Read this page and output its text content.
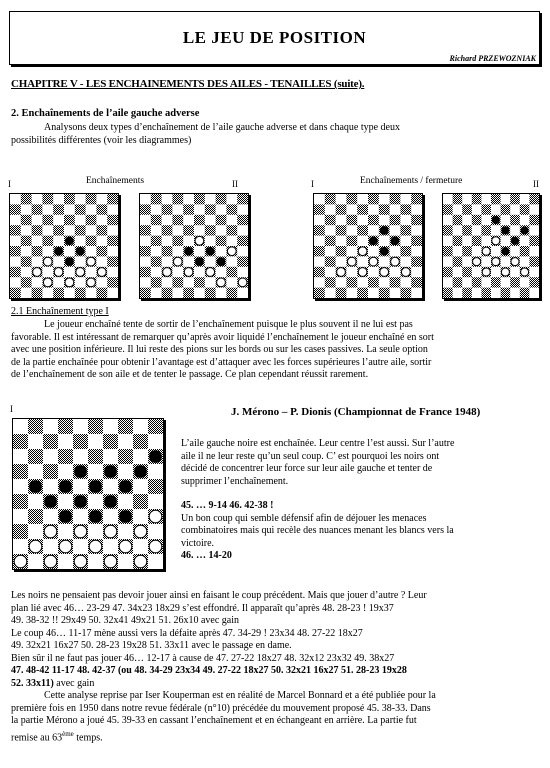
LE JEU DE POSITION
Richard PRZEWOZNIAK
CHAPITRE V - LES ENCHAINEMENTS DES AILES - TENAILLES (suite).
2. Enchaînements de l’aile gauche adverse

Analysons deux types d’enchaînement de l’aile gauche adverse et dans chaque type deux

possibilités différentes (voir les diagrammes)

I	Enchaînements	II	I	Enchaînements / fermeture	II
2.1 Enchaînement type I

Le joueur enchaîné tente de sortir de l’enchaînement puisque le plus souvent il ne lui est pas

favorable. Il est intéressant de remarquer qu’après avoir liquidé l’enchaînement le joueur enchaîné en sort

avec une position inférieure. Il lui reste des pions sur les bords ou sur les cases passives. La seule option

de la partie enchaînée pour obtenir l’avantage est d’attaquer avec les forces supérieures l’autre aile, sortir

de l’enchaînement de son aile et de tenter le passage. Ce plan cependant réussit rarement.

I	J. Mérono – P. Dionis (Championnat de France 1948)

L’aile gauche noire est enchaînée. Leur centre l’est aussi. Sur l’autre

aile il ne leur reste qu’un seul coup. C’ est pourquoi les noirs ont

décidé de concentrer leur force sur leur aile gauche et tenter de

supprimer l’enchaînement.

45. … 9-14 46. 42-38 !

Un bon coup qui semble défensif afin de déjouer les menaces

combinatoires mais qui recèle des nuances menant les blancs vers la

victoire.

46. … 14-20

Les noirs ne pensaient pas devoir jouer ainsi en faisant le coup précédent. Mais que jouer d’autre ? Leur

plan lié avec 46… 23-29 47. 34x23 18x29 s’est effondré. Il apparaît qu’après 48. 28-23 ! 19x37

49. 38-32 !! 29x49 50. 32x41 49x21 51. 26x10 avec gain

Le coup 46… 11-17 mène aussi vers la défaite après 47. 34-29 ! 23x34 48. 27-22 18x27

49. 32x21 16x27 50. 28-23 19x28 51. 33x11 avec le passage en dame.

Bien sûr il ne faut pas jouer 46… 12-17 à cause de 47. 27-22 18x27 48. 32x12 23x32 49. 38x27

47. 48-42 11-17 48. 42-37 (ou 48. 34-29 23x34 49. 27-22 18x27 50. 32x21 16x27 51. 28-23 19x28

52. 33x11) avec gain

Cette analyse reprise par Iser Kouperman est en réalité de Marcel Bonnard et a été publiée pour la

première fois en 1950 dans notre revue fédérale (n°10) précédée du mouvement proposé 45. 38-33. Dans

la partie Mérono a joué 45. 39-33 en cassant l’enchaînement et en échangeant en arrière. La partie fut

remise au 63ème temps.
